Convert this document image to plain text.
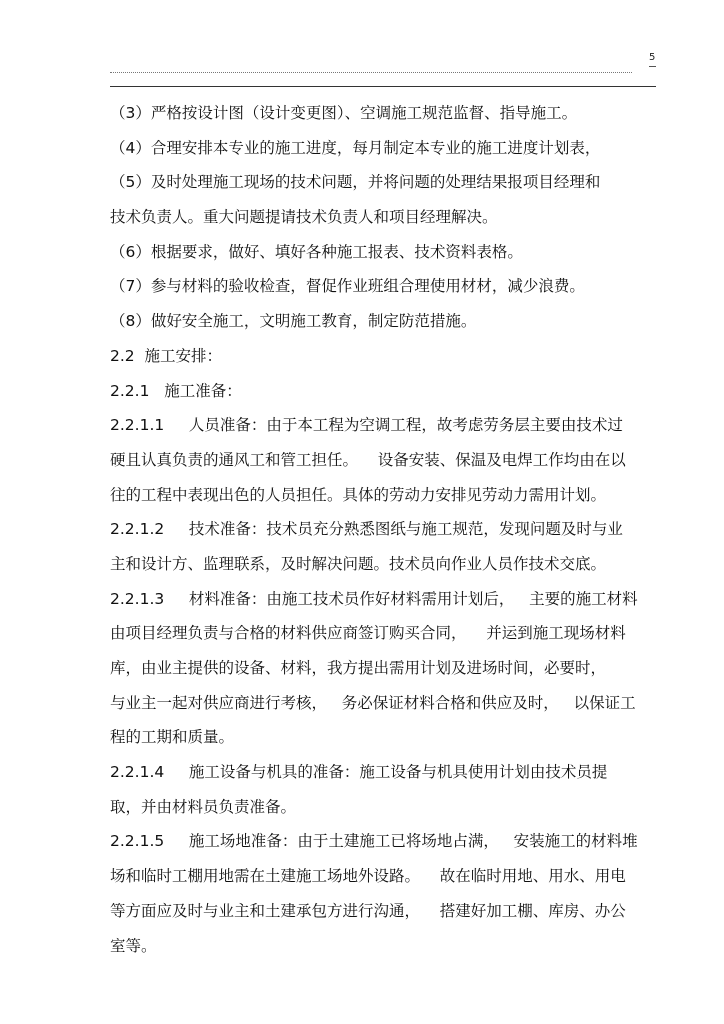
5
（3）严格按设计图（设计变更图）、空调施工规范监督、指导施工。
（4）合理安排本专业的施工进度，每月制定本专业的施工进度计划表，
（5）及时处理施工现场的技术问题，并将问题的处理结果报项目经理和
技术负责人。重大问题提请技术负责人和项目经理解决。
（6）根据要求，做好、填好各种施工报表、技术资料表格。
（7）参与材料的验收检查，督促作业班组合理使用材材，减少浪费。
（8）做好安全施工，文明施工教育，制定防范措施。
2.2  施工安排：
2.2.1   施工准备：
2.2.1.1     人员准备：由于本工程为空调工程，故考虑劳务层主要由技术过
硬且认真负责的通风工和管工担任。    设备安装、保温及电焊工作均由在以
往的工程中表现出色的人员担任。具体的劳动力安排见劳动力需用计划。
2.2.1.2     技术准备：技术员充分熟悉图纸与施工规范，发现问题及时与业
主和设计方、监理联系，及时解决问题。技术员向作业人员作技术交底。
2.2.1.3     材料准备：由施工技术员作好材料需用计划后，   主要的施工材料
由项目经理负责与合格的材料供应商签订购买合同，    并运到施工现场材料
库，由业主提供的设备、材料，我方提出需用计划及进场时间，必要时，
与业主一起对供应商进行考核，   务必保证材料合格和供应及时，   以保证工
程的工期和质量。
2.2.1.4     施工设备与机具的准备：施工设备与机具使用计划由技术员提
取，并由材料员负责准备。
2.2.1.5     施工场地准备：由于土建施工已将场地占满，   安装施工的材料堆
场和临时工棚用地需在土建施工场地外设路。    故在临时用地、用水、用电
等方面应及时与业主和土建承包方进行沟通，    搭建好加工棚、库房、办公
室等。
